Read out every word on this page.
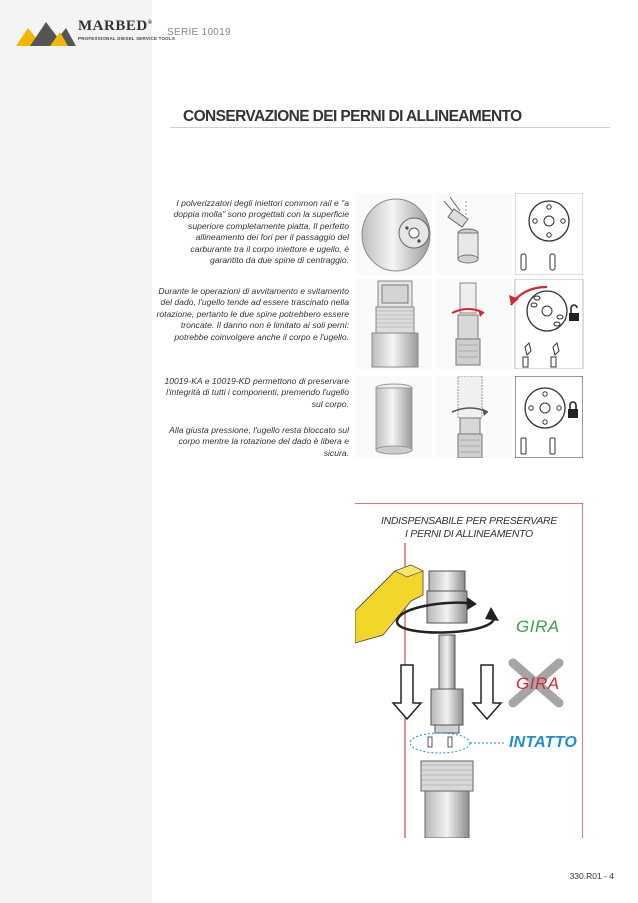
MARBED®
PROFESSIONAL DIESEL SERVICE TOOLS
SERIE 10019
CONSERVAZIONE DEI PERNI DI ALLINEAMENTO
I polverizzatori degli iniettori common rail e "a doppia molla" sono progettati con la superficie superiore completamente piatta. Il perfetto allineamento dei fori per il passaggio del carburante tra il corpo iniettore e ugello, è garantito da due spine di centraggio.
Durante le operazioni di avvitamento e svitamento del dado, l'ugello tende ad essere trascinato nella rotazione, pertanto le due spine potrebbero essere troncate. Il danno non è limitato ai soli perni: potrebbe coinvolgere anche il corpo e l'ugello.
10019-KA e 10019-KD permettono di preservare l'integrità di tutti i componenti, premendo l'ugello sul corpo.
Alla giusta pressione, l'ugello resta bloccato sul corpo mentre la rotazione del dado è libera e sicura.
INDISPENSABILE PER PRESERVARE
I PERNI DI ALLINEAMENTO
GIRA
GIRA
INTATTO
330.R01 - 4
